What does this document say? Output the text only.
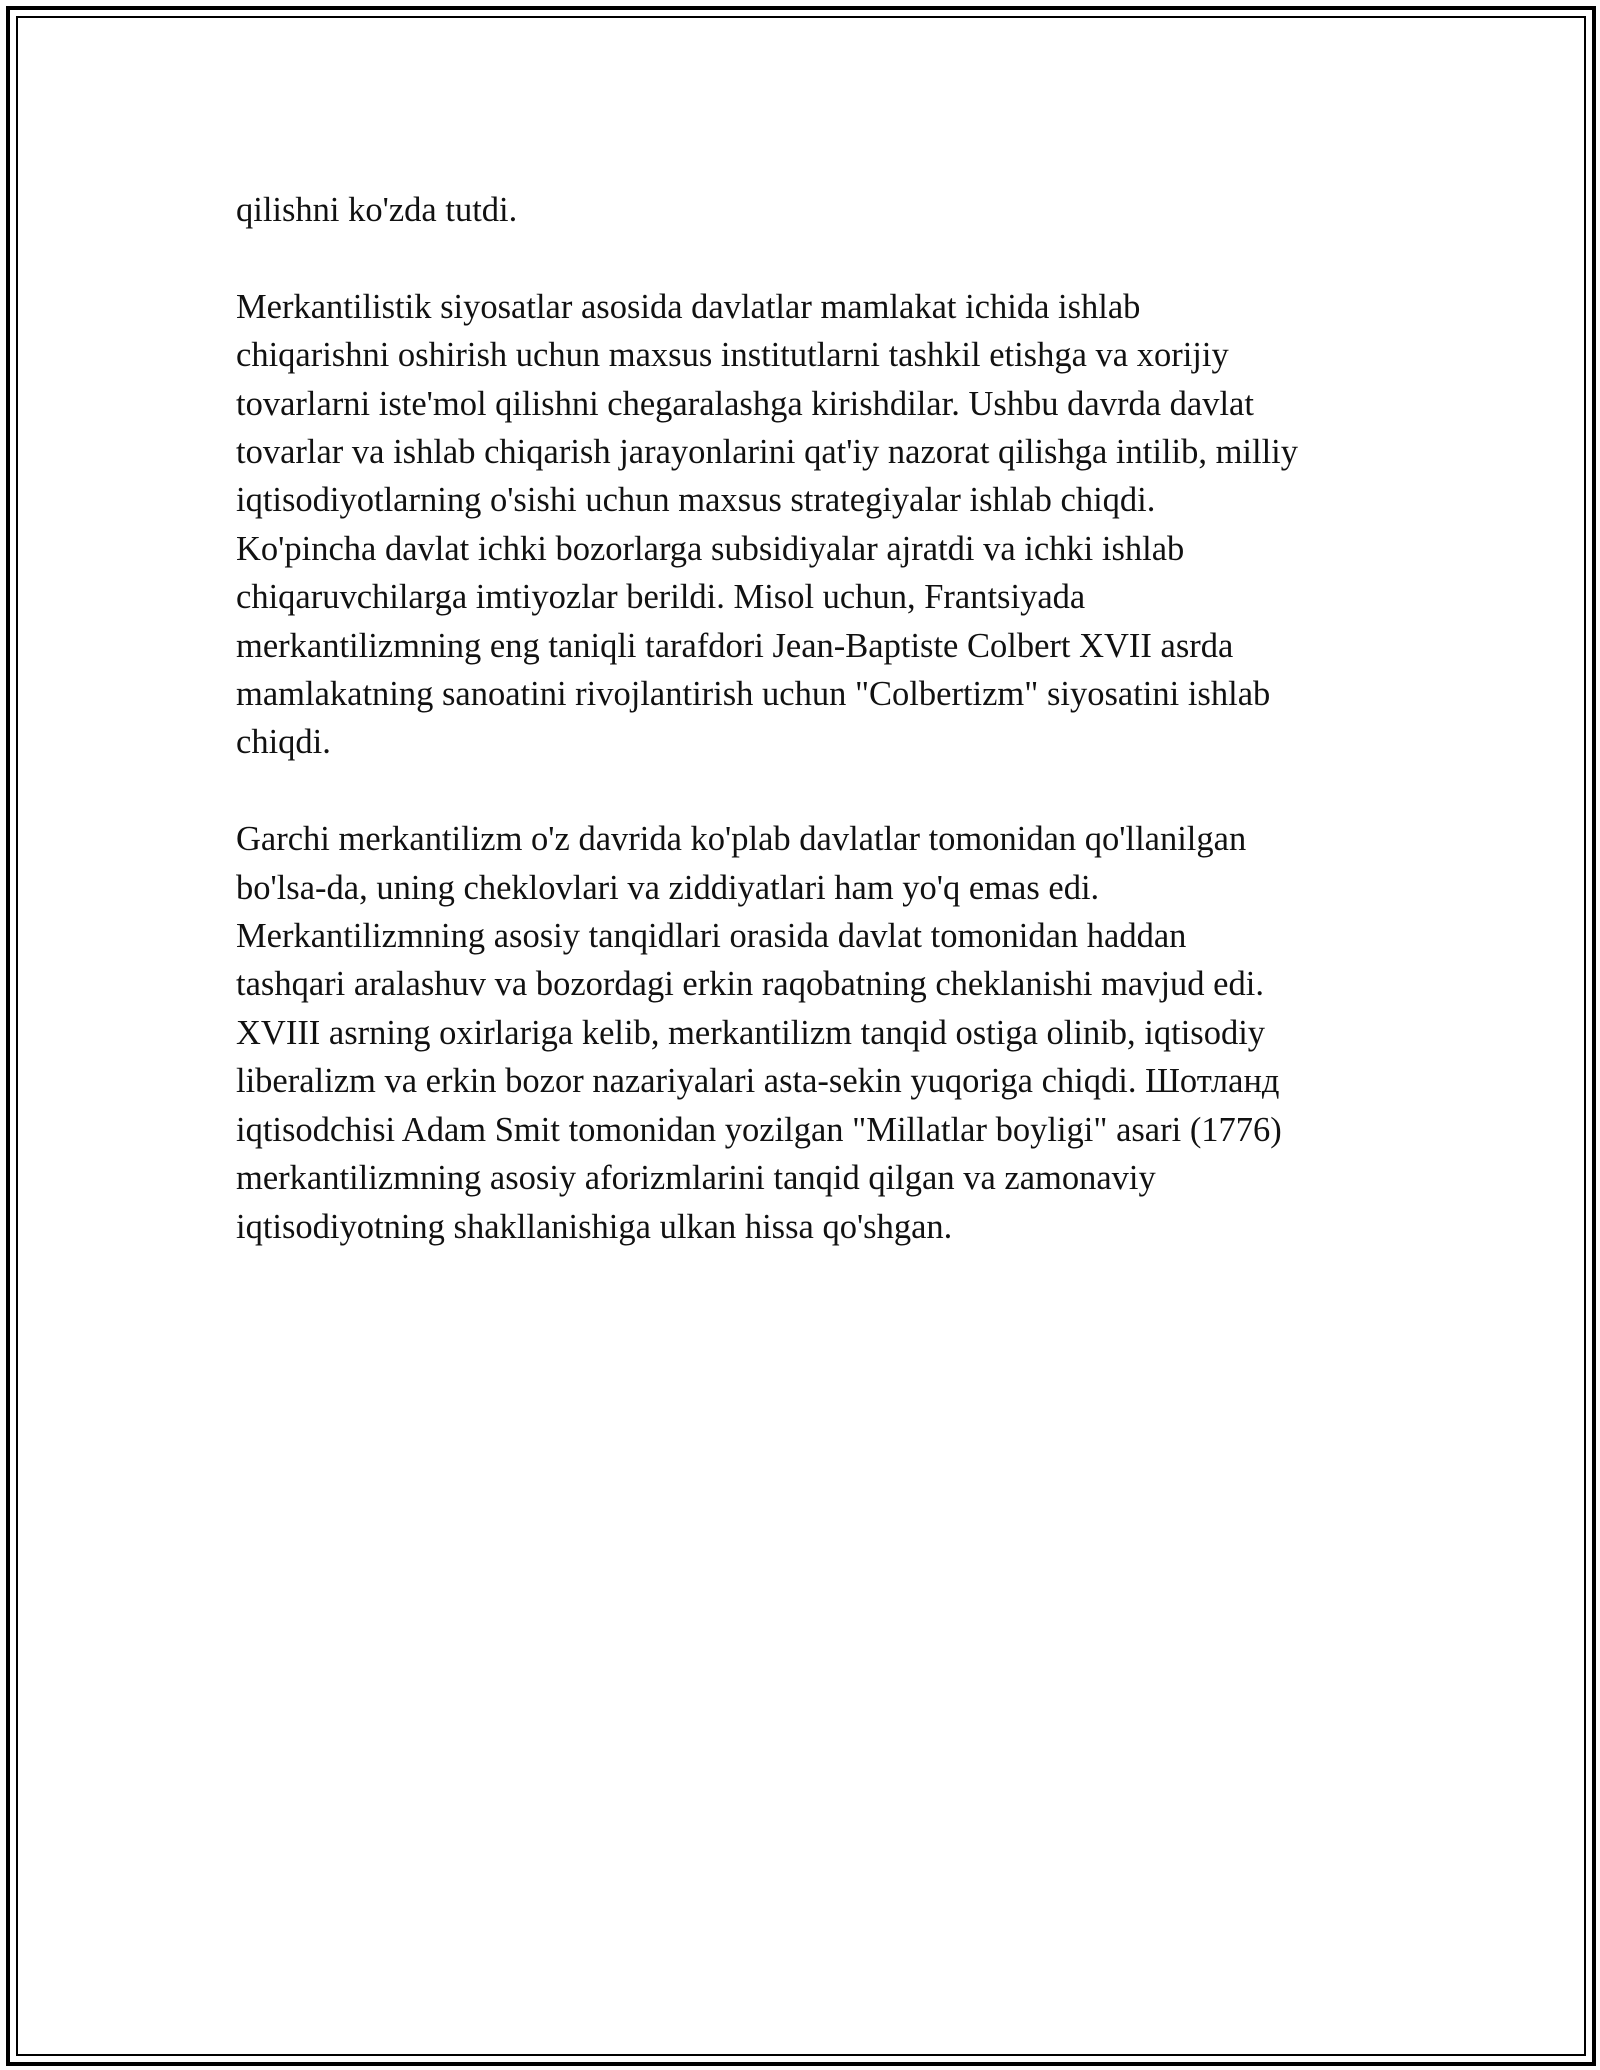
qilishni ko'zda tutdi.

Merkantilistik siyosatlar asosida davlatlar mamlakat ichida ishlab
chiqarishni oshirish uchun maxsus institutlarni tashkil etishga va xorijiy
tovarlarni iste'mol qilishni chegaralashga kirishdilar. Ushbu davrda davlat
tovarlar va ishlab chiqarish jarayonlarini qat'iy nazorat qilishga intilib, milliy
iqtisodiyotlarning o'sishi uchun maxsus strategiyalar ishlab chiqdi.
Ko'pincha davlat ichki bozorlarga subsidiyalar ajratdi va ichki ishlab
chiqaruvchilarga imtiyozlar berildi. Misol uchun, Frantsiyada
merkantilizmning eng taniqli tarafdori Jean-Baptiste Colbert XVII asrda
mamlakatning sanoatini rivojlantirish uchun "Colbertizm" siyosatini ishlab
chiqdi.

Garchi merkantilizm o'z davrida ko'plab davlatlar tomonidan qo'llanilgan
bo'lsa-da, uning cheklovlari va ziddiyatlari ham yo'q emas edi.
Merkantilizmning asosiy tanqidlari orasida davlat tomonidan haddan
tashqari aralashuv va bozordagi erkin raqobatning cheklanishi mavjud edi.
XVIII asrning oxirlariga kelib, merkantilizm tanqid ostiga olinib, iqtisodiy
liberalizm va erkin bozor nazariyalari asta-sekin yuqoriga chiqdi. Шотланд
iqtisodchisi Adam Smit tomonidan yozilgan "Millatlar boyligi" asari (1776)
merkantilizmning asosiy aforizmlarini tanqid qilgan va zamonaviy
iqtisodiyotning shakllanishiga ulkan hissa qo'shgan.
